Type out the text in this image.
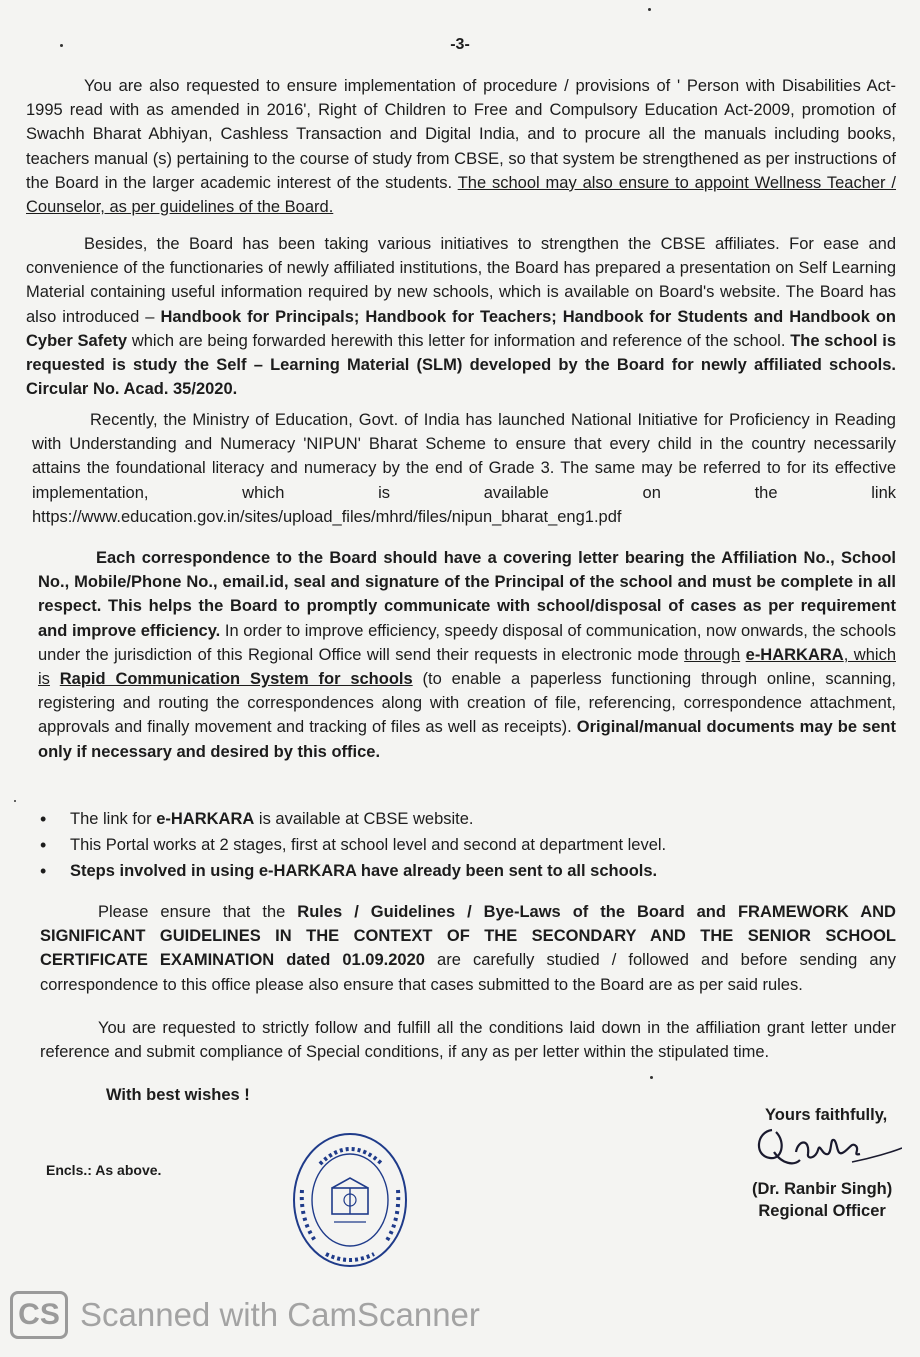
-3-
You are also requested to ensure implementation of procedure / provisions of ' Person with Disabilities Act-1995 read with as amended in 2016', Right of Children to Free and Compulsory Education Act-2009, promotion of Swachh Bharat Abhiyan, Cashless Transaction and Digital India, and to procure all the manuals including books, teachers manual (s) pertaining to the course of study from CBSE, so that system be strengthened as per instructions of the Board in the larger academic interest of the students. The school may also ensure to appoint Wellness Teacher / Counselor, as per guidelines of the Board.
Besides, the Board has been taking various initiatives to strengthen the CBSE affiliates. For ease and convenience of the functionaries of newly affiliated institutions, the Board has prepared a presentation on Self Learning Material containing useful information required by new schools, which is available on Board's website. The Board has also introduced – Handbook for Principals; Handbook for Teachers; Handbook for Students and Handbook on Cyber Safety which are being forwarded herewith this letter for information and reference of the school. The school is requested is study the Self – Learning Material (SLM) developed by the Board for newly affiliated schools. Circular No. Acad. 35/2020.
Recently, the Ministry of Education, Govt. of India has launched National Initiative for Proficiency in Reading with Understanding and Numeracy 'NIPUN' Bharat Scheme to ensure that every child in the country necessarily attains the foundational literacy and numeracy by the end of Grade 3. The same may be referred to for its effective implementation, which is available on the link https://www.education.gov.in/sites/upload_files/mhrd/files/nipun_bharat_eng1.pdf
Each correspondence to the Board should have a covering letter bearing the Affiliation No., School No., Mobile/Phone No., email.id, seal and signature of the Principal of the school and must be complete in all respect. This helps the Board to promptly communicate with school/disposal of cases as per requirement and improve efficiency. In order to improve efficiency, speedy disposal of communication, now onwards, the schools under the jurisdiction of this Regional Office will send their requests in electronic mode through e-HARKARA, which is Rapid Communication System for schools (to enable a paperless functioning through online, scanning, registering and routing the correspondences along with creation of file, referencing, correspondence attachment, approvals and finally movement and tracking of files as well as receipts). Original/manual documents may be sent only if necessary and desired by this office.
• The link for e-HARKARA is available at CBSE website.
• This Portal works at 2 stages, first at school level and second at department level.
• Steps involved in using e-HARKARA have already been sent to all schools.
Please ensure that the Rules / Guidelines / Bye-Laws of the Board and FRAMEWORK AND SIGNIFICANT GUIDELINES IN THE CONTEXT OF THE SECONDARY AND THE SENIOR SCHOOL CERTIFICATE EXAMINATION dated 01.09.2020 are carefully studied / followed and before sending any correspondence to this office please also ensure that cases submitted to the Board are as per said rules.
You are requested to strictly follow and fulfill all the conditions laid down in the affiliation grant letter under reference and submit compliance of Special conditions, if any as per letter within the stipulated time.
With best wishes !
Yours faithfully,
Encls.: As above.
(Dr. Ranbir Singh)
Regional Officer
CS Scanned with CamScanner
